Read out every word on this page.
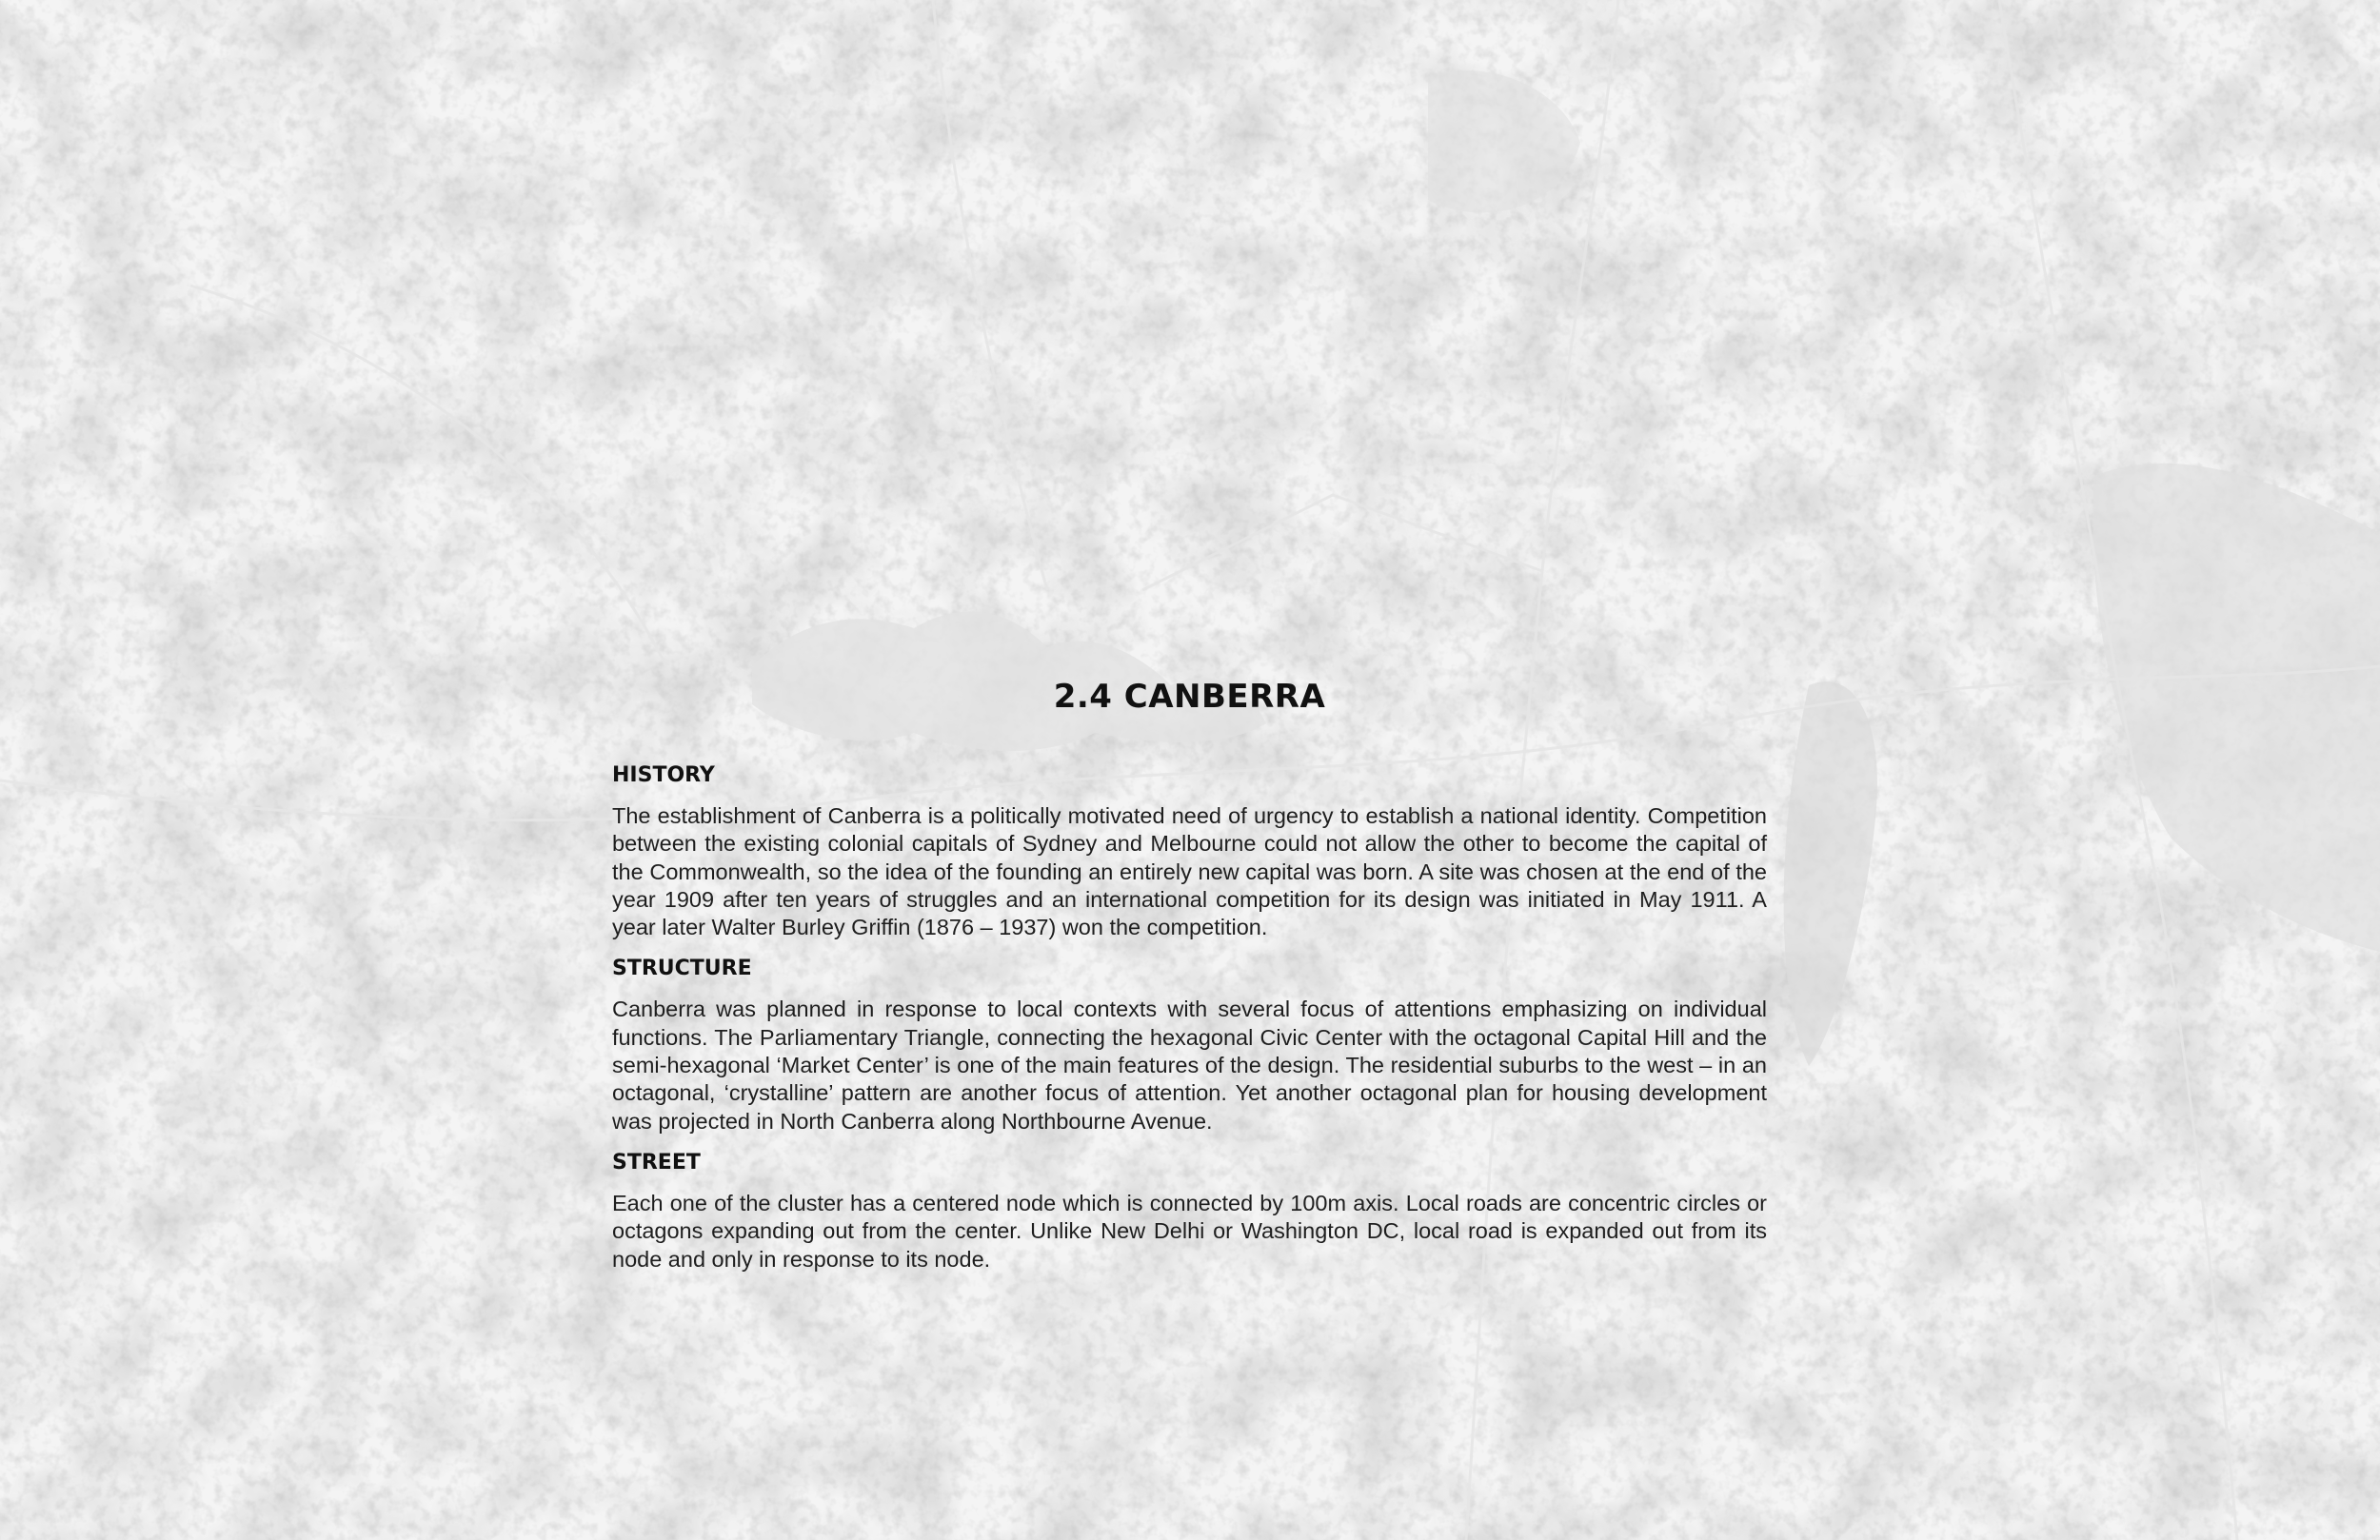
2.4 CANBERRA
HISTORY

The establishment of Canberra is a politically motivated need of urgency to establish a national identity. Competition between the existing colonial capitals of Sydney and Melbourne could not allow the other to become the capital of the Commonwealth, so the idea of the founding an entirely new capital was born. A site was chosen at the end of the year 1909 after ten years of struggles and an international competition for its design was initiated in May 1911. A year later Walter Burley Griffin (1876 – 1937) won the competition.

STRUCTURE

Canberra was planned in response to local contexts with several focus of attentions emphasizing on individual functions. The Parliamentary Triangle, connecting the hexagonal Civic Center with the octagonal Capital Hill and the semi-hexagonal ‘Market Center’ is one of the main features of the design. The residential suburbs to the west – in an octagonal, ‘crystalline’ pattern are another focus of attention. Yet another octagonal plan for housing development was projected in North Canberra along Northbourne Avenue.

STREET

Each one of the cluster has a centered node which is connected by 100m axis. Local roads are concentric circles or octagons expanding out from the center. Unlike New Delhi or Washington DC, local road is expanded out from its node and only in response to its node.
